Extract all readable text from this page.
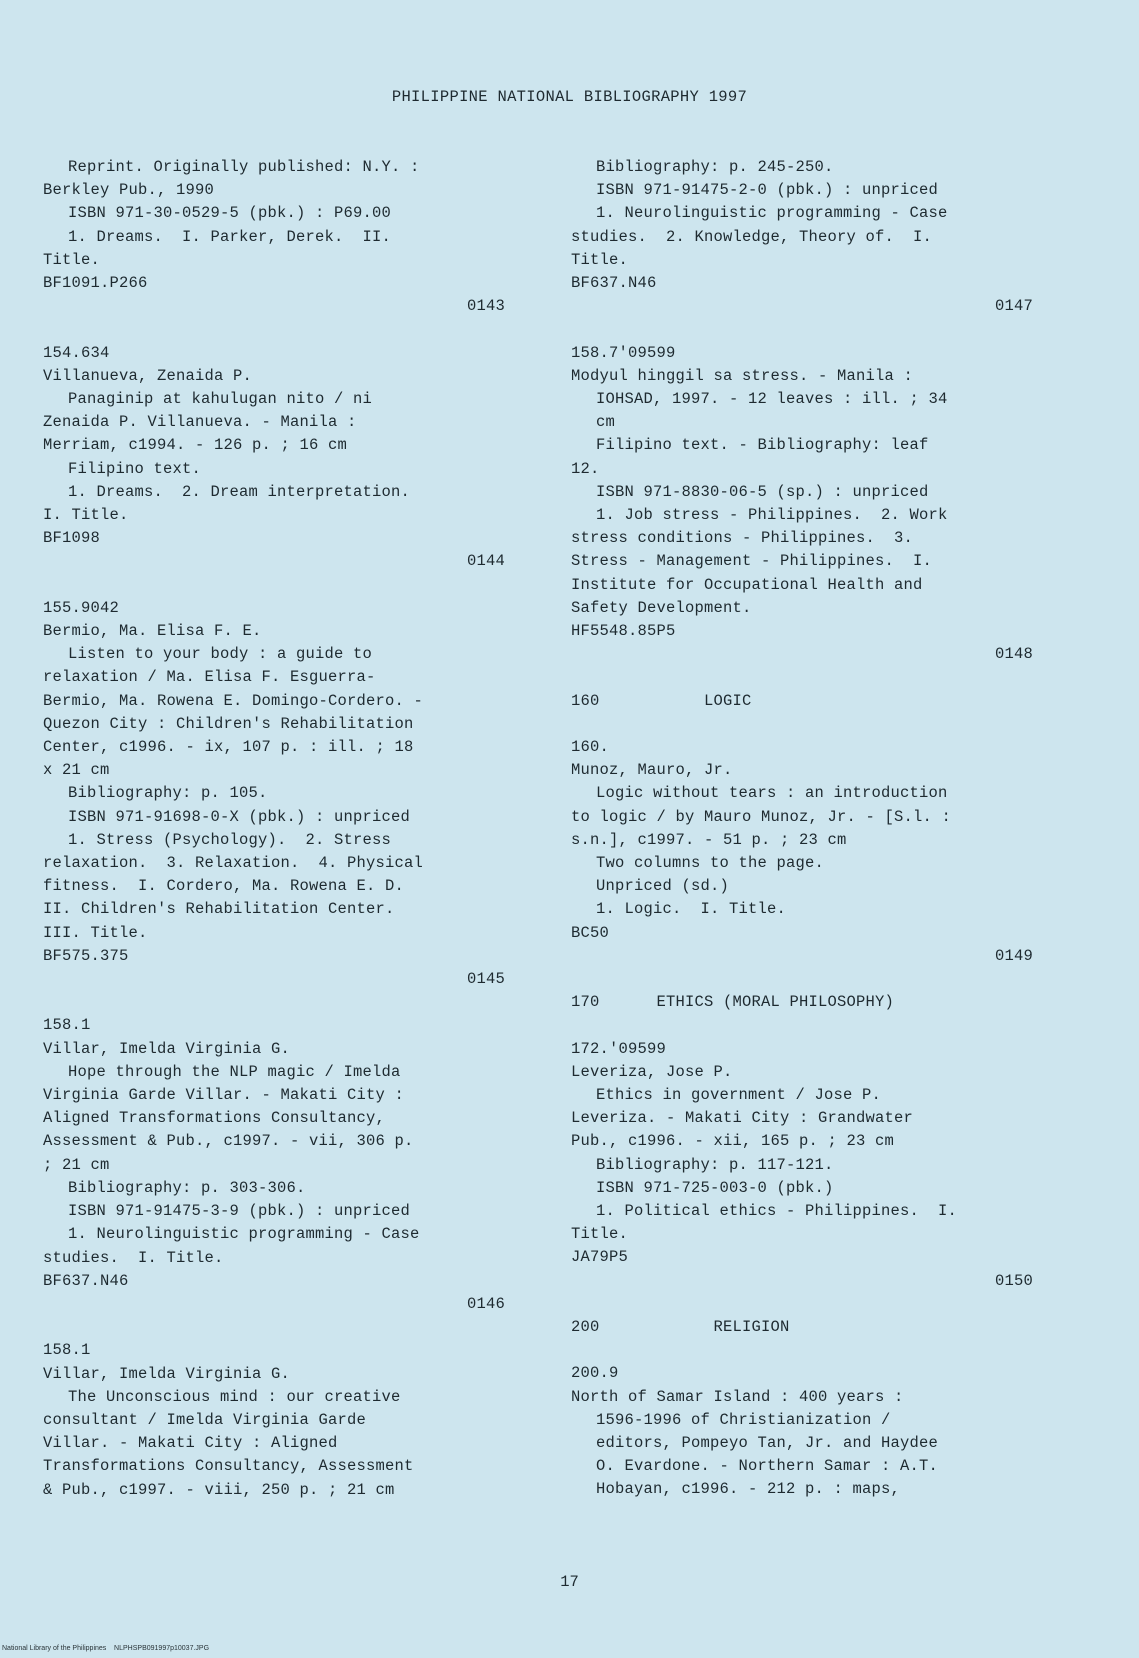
PHILIPPINE NATIONAL BIBLIOGRAPHY 1997
Reprint. Originally published: N.Y. :
Berkley Pub., 1990
ISBN 971-30-0529-5 (pbk.) : P69.00
1. Dreams.  I. Parker, Derek.  II.
Title.
BF1091.P266
0143
154.634
Villanueva, Zenaida P.
Panaginip at kahulugan nito / ni
Zenaida P. Villanueva. - Manila :
Merriam, c1994. - 126 p. ; 16 cm
Filipino text.
1. Dreams.  2. Dream interpretation.
I. Title.
BF1098
0144
155.9042
Bermio, Ma. Elisa F. E.
Listen to your body : a guide to
relaxation / Ma. Elisa F. Esguerra-
Bermio, Ma. Rowena E. Domingo-Cordero. -
Quezon City : Children's Rehabilitation
Center, c1996. - ix, 107 p. : ill. ; 18
x 21 cm
Bibliography: p. 105.
ISBN 971-91698-0-X (pbk.) : unpriced
1. Stress (Psychology).  2. Stress
relaxation.  3. Relaxation.  4. Physical
fitness.  I. Cordero, Ma. Rowena E. D.
II. Children's Rehabilitation Center.
III. Title.
BF575.375
0145
158.1
Villar, Imelda Virginia G.
Hope through the NLP magic / Imelda
Virginia Garde Villar. - Makati City :
Aligned Transformations Consultancy,
Assessment & Pub., c1997. - vii, 306 p.
; 21 cm
Bibliography: p. 303-306.
ISBN 971-91475-3-9 (pbk.) : unpriced
1. Neurolinguistic programming - Case
studies.  I. Title.
BF637.N46
0146
158.1
Villar, Imelda Virginia G.
The Unconscious mind : our creative
consultant / Imelda Virginia Garde
Villar. - Makati City : Aligned
Transformations Consultancy, Assessment
& Pub., c1997. - viii, 250 p. ; 21 cm
Bibliography: p. 245-250.
ISBN 971-91475-2-0 (pbk.) : unpriced
1. Neurolinguistic programming - Case
studies.  2. Knowledge, Theory of.  I.
Title.
BF637.N46
0147
158.7'09599
Modyul hinggil sa stress. - Manila :
IOHSAD, 1997. - 12 leaves : ill. ; 34
cm
Filipino text. - Bibliography: leaf
12.
ISBN 971-8830-06-5 (sp.) : unpriced
1. Job stress - Philippines.  2. Work
stress conditions - Philippines.  3.
Stress - Management - Philippines.  I.
Institute for Occupational Health and
Safety Development.
HF5548.85P5
0148
160           LOGIC
160.
Munoz, Mauro, Jr.
Logic without tears : an introduction
to logic / by Mauro Munoz, Jr. - [S.l. :
s.n.], c1997. - 51 p. ; 23 cm
Two columns to the page.
Unpriced (sd.)
1. Logic.  I. Title.
BC50
0149
170      ETHICS (MORAL PHILOSOPHY)
172.'09599
Leveriza, Jose P.
Ethics in government / Jose P.
Leveriza. - Makati City : Grandwater
Pub., c1996. - xii, 165 p. ; 23 cm
Bibliography: p. 117-121.
ISBN 971-725-003-0 (pbk.)
1. Political ethics - Philippines.  I.
Title.
JA79P5
0150
200            RELIGION
200.9
North of Samar Island : 400 years :
1596-1996 of Christianization /
editors, Pompeyo Tan, Jr. and Haydee
O. Evardone. - Northern Samar : A.T.
Hobayan, c1996. - 212 p. : maps,
17
National Library of the Philippines    NLPHSPB091997p10037.JPG
